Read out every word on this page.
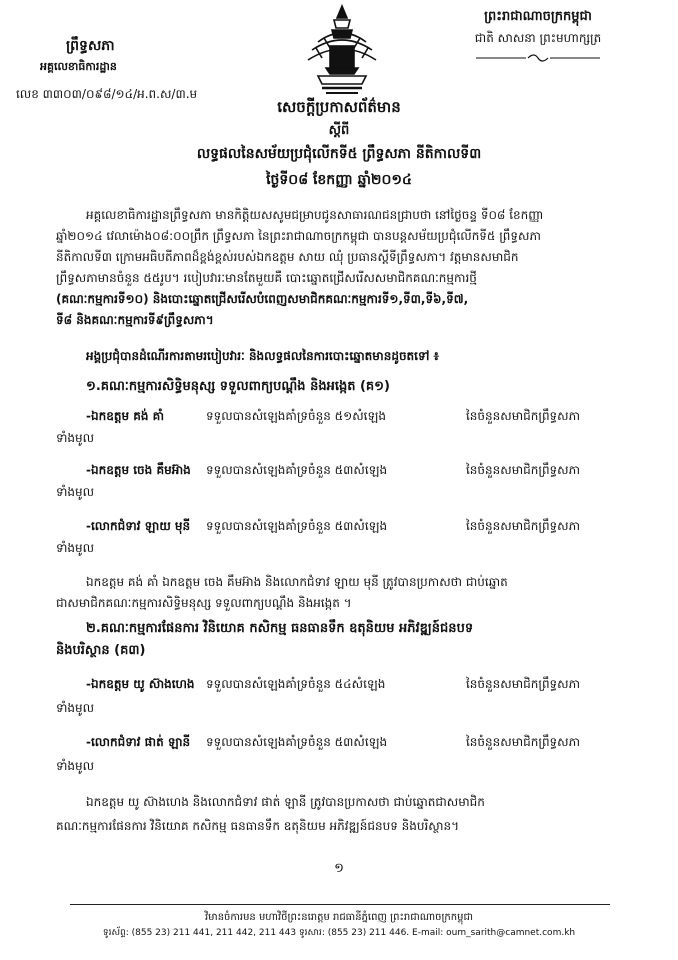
ព្រះរាជាណាចក្រកម្ពុជា
ជាតិ សាសនា ព្រះមហាក្សត្រ
ព្រឹទ្ធសភា
អគ្គលេខាធិការដ្ឋាន
លេខ ៣៣០៣/០៩៨/១៤/អ.ព.ស/៣.ម
សេចក្តីប្រកាសព័ត៌មាន
ស្តីពី
លទ្ធផលនៃសម័យប្រជុំលើកទី៥ ព្រឹទ្ធសភា នីតិកាលទី៣
ថ្ងៃទី០៨ ខែកញ្ញា ឆ្នាំ២០១៤
អគ្គលេខាធិការដ្ឋានព្រឹទ្ធសភា មានកិត្តិយសសូមជម្រាបជូនសាធារណជនជ្រាបថា នៅថ្ងៃចន្ទ ទី០៨ ខែកញ្ញា
ឆ្នាំ២០១៤ វេលាម៉ោង០៨:០០ព្រឹក ព្រឹទ្ធសភា នៃព្រះរាជាណាចក្រកម្ពុជា បានបន្តសម័យប្រជុំលើកទី៥ ព្រឹទ្ធសភា
នីតិកាលទី៣ ក្រោមអធិបតីភាពដ៏ខ្ពង់ខ្ពស់របស់ឯកឧត្តម សាយ ឈុំ ប្រធានស្តីទីព្រឹទ្ធសភា។ វត្តមានសមាជិក
ព្រឹទ្ធសភាមានចំនួន ៥៥រូប។ របៀបវារៈមានតែមួយគឺ បោះឆ្នោតជ្រើសរើសសមាជិកគណៈកម្មការថ្មី
(គណៈកម្មការទី១០) និងបោះឆ្នោតជ្រើសរើសបំពេញសមាជិកគណៈកម្មការទី១,ទី៣,ទី៦,ទី៧,
ទី៨ និងគណៈកម្មការទី៩ព្រឹទ្ធសភា។
អង្គប្រជុំបានដំណើរការតាមរបៀបវារៈ និងលទ្ធផលនៃការបោះឆ្នោតមានដូចតទៅ ៖
១.គណៈកម្មការសិទ្ធិមនុស្ស ទទួលពាក្យបណ្តឹង និងអង្កេត (គ១)
-ឯកឧត្តម គង់ គាំ	ទទួលបានសំឡេងគាំទ្រចំនួន ៥១សំឡេង	នៃចំនួនសមាជិកព្រឹទ្ធសភា
ទាំងមូល
-ឯកឧត្តម ចេង គឹមអ៊ាង ទទួលបានសំឡេងគាំទ្រចំនួន ៥៣សំឡេង	នៃចំនួនសមាជិកព្រឹទ្ធសភា
ទាំងមូល
-លោកជំទាវ ឡាយ មុនី ទទួលបានសំឡេងគាំទ្រចំនួន ៥៣សំឡេង	នៃចំនួនសមាជិកព្រឹទ្ធសភា
ទាំងមូល
ឯកឧត្តម គង់ គាំ ឯកឧត្តម ចេង គឹមអ៊ាង និងលោកជំទាវ ឡាយ មុនី ត្រូវបានប្រកាសថា ជាប់ឆ្នោត
ជាសមាជិកគណៈកម្មការសិទ្ធិមនុស្ស ទទួលពាក្យបណ្តឹង និងអង្កេត ។
២.គណៈកម្មការផែនការ វិនិយោគ កសិកម្ម ធនធានទឹក ឧតុនិយម អភិវឌ្ឍន៍ជនបទ
និងបរិស្ថាន (គ៣)
-ឯកឧត្តម យូ ស៊ាងហេង ទទួលបានសំឡេងគាំទ្រចំនួន ៥៤សំឡេង	នៃចំនួនសមាជិកព្រឹទ្ធសភា
ទាំងមូល
-លោកជំទាវ ផាត់ ឡានី ទទួលបានសំឡេងគាំទ្រចំនួន ៥៣សំឡេង	នៃចំនួនសមាជិកព្រឹទ្ធសភា
ទាំងមូល
ឯកឧត្តម យូ ស៊ាងហេង និងលោកជំទាវ ផាត់ ឡានី ត្រូវបានប្រកាសថា ជាប់ឆ្នោតជាសមាជិក
គណៈកម្មការផែនការ វិនិយោគ កសិកម្ម ធនធានទឹក ឧតុនិយម អភិវឌ្ឍន៍ជនបទ និងបរិស្ថាន។
១
វិមានចំការមន មហាវិថីព្រះនរោត្តម រាជធានីភ្នំពេញ ព្រះរាជាណាចក្រកម្ពុជា
ទូរស័ព្ទ: (855 23) 211 441, 211 442, 211 443 ទូរសារ: (855 23) 211 446. E-mail: oum_sarith@camnet.com.kh
